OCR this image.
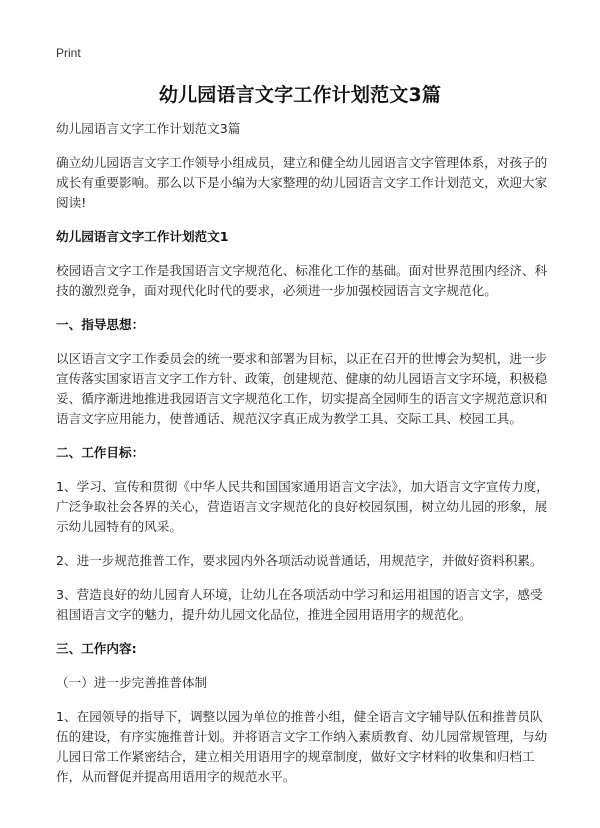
Print
幼儿园语言文字工作计划范文3篇

幼儿园语言文字工作计划范文3篇

确立幼儿园语言文字工作领导小组成员，建立和健全幼儿园语言文字管理体系，对孩子的成长有重要影响。那么以下是小编为大家整理的幼儿园语言文字工作计划范文，欢迎大家阅读!

幼儿园语言文字工作计划范文1

校园语言文字工作是我国语言文字规范化、标准化工作的基础。面对世界范围内经济、科技的激烈竞争，面对现代化时代的要求，必须进一步加强校园语言文字规范化。

一、指导思想：

以区语言文字工作委员会的统一要求和部署为目标，以正在召开的世博会为契机，进一步宣传落实国家语言文字工作方针、政策，创建规范、健康的幼儿园语言文字环境，积极稳妥、循序渐进地推进我园语言文字规范化工作，切实提高全园师生的语言文字规范意识和语言文字应用能力，使普通话、规范汉字真正成为教学工具、交际工具、校园工具。

二、工作目标：

1、学习、宣传和贯彻《中华人民共和国国家通用语言文字法》，加大语言文字宣传力度，广泛争取社会各界的关心，营造语言文字规范化的良好校园氛围，树立幼儿园的形象，展示幼儿园特有的风采。

2、进一步规范推普工作，要求园内外各项活动说普通话，用规范字，并做好资料积累。

3、营造良好的幼儿园育人环境，让幼儿在各项活动中学习和运用祖国的语言文字，感受祖国语言文字的魅力，提升幼儿园文化品位，推进全园用语用字的规范化。

三、工作内容:

（一）进一步完善推普体制

1、在园领导的指导下，调整以园为单位的推普小组，健全语言文字辅导队伍和推普员队伍的建设，有序实施推普计划。并将语言文字工作纳入素质教育、幼儿园常规管理，与幼儿园日常工作紧密结合，建立相关用语用字的规章制度，做好文字材料的收集和归档工作，从而督促并提高用语用字的规范水平。
